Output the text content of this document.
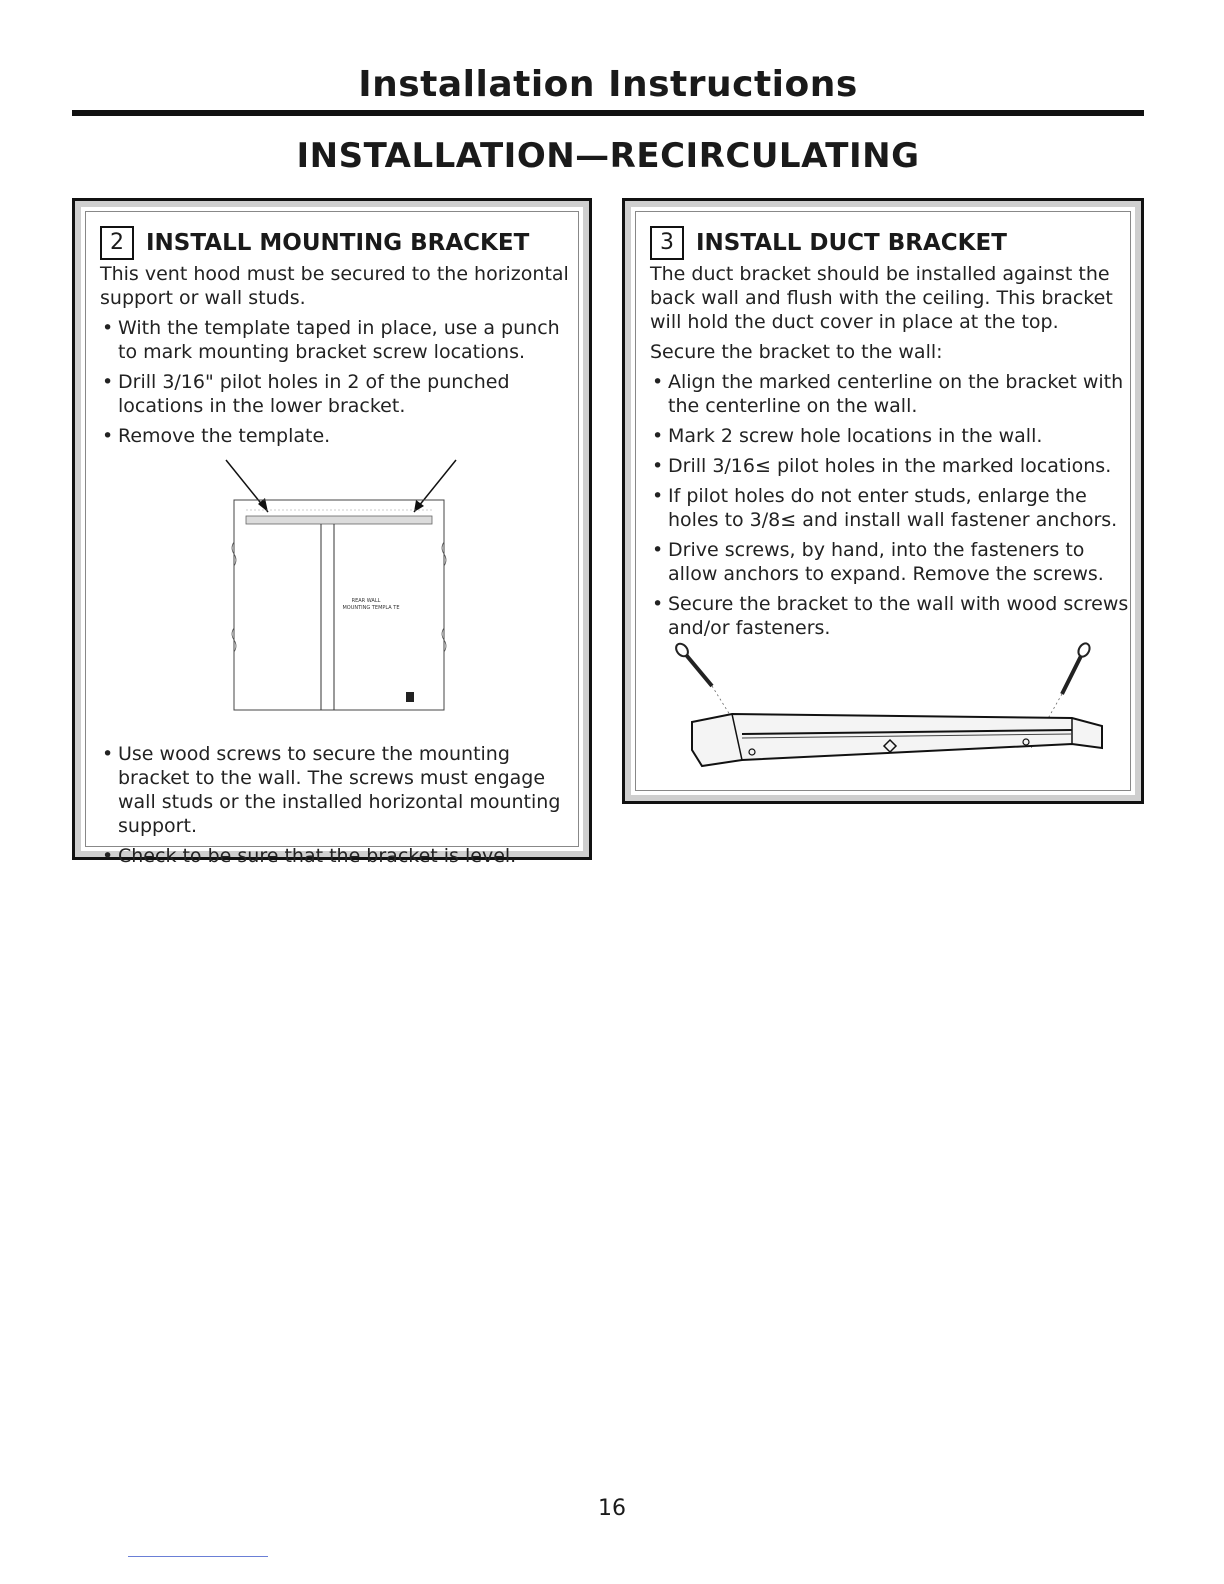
Installation Instructions
INSTALLATION—RECIRCULATING
2 INSTALL MOUNTING BRACKET
This vent hood must be secured to the horizontal support or wall studs.
• With the template taped in place, use a punch to mark mounting bracket screw locations.
• Drill 3/16" pilot holes in 2 of the punched locations in the lower bracket.
• Remove the template.
REAR WALL
MOUNTING TEMPLA TE
• Use wood screws to secure the mounting bracket to the wall. The screws must engage wall studs or the installed horizontal mounting support.
• Check to be sure that the bracket is level.
3 INSTALL DUCT BRACKET
The duct bracket should be installed against the back wall and flush with the ceiling. This bracket will hold the duct cover in place at the top.
Secure the bracket to the wall:
• Align the marked centerline on the bracket with the centerline on the wall.
• Mark 2 screw hole locations in the wall.
• Drill 3/16≤ pilot holes in the marked locations.
• If pilot holes do not enter studs, enlarge the holes to 3/8≤ and install wall fastener anchors.
• Drive screws, by hand, into the fasteners to allow anchors to expand. Remove the screws.
• Secure the bracket to the wall with wood screws and/or fasteners.
16
